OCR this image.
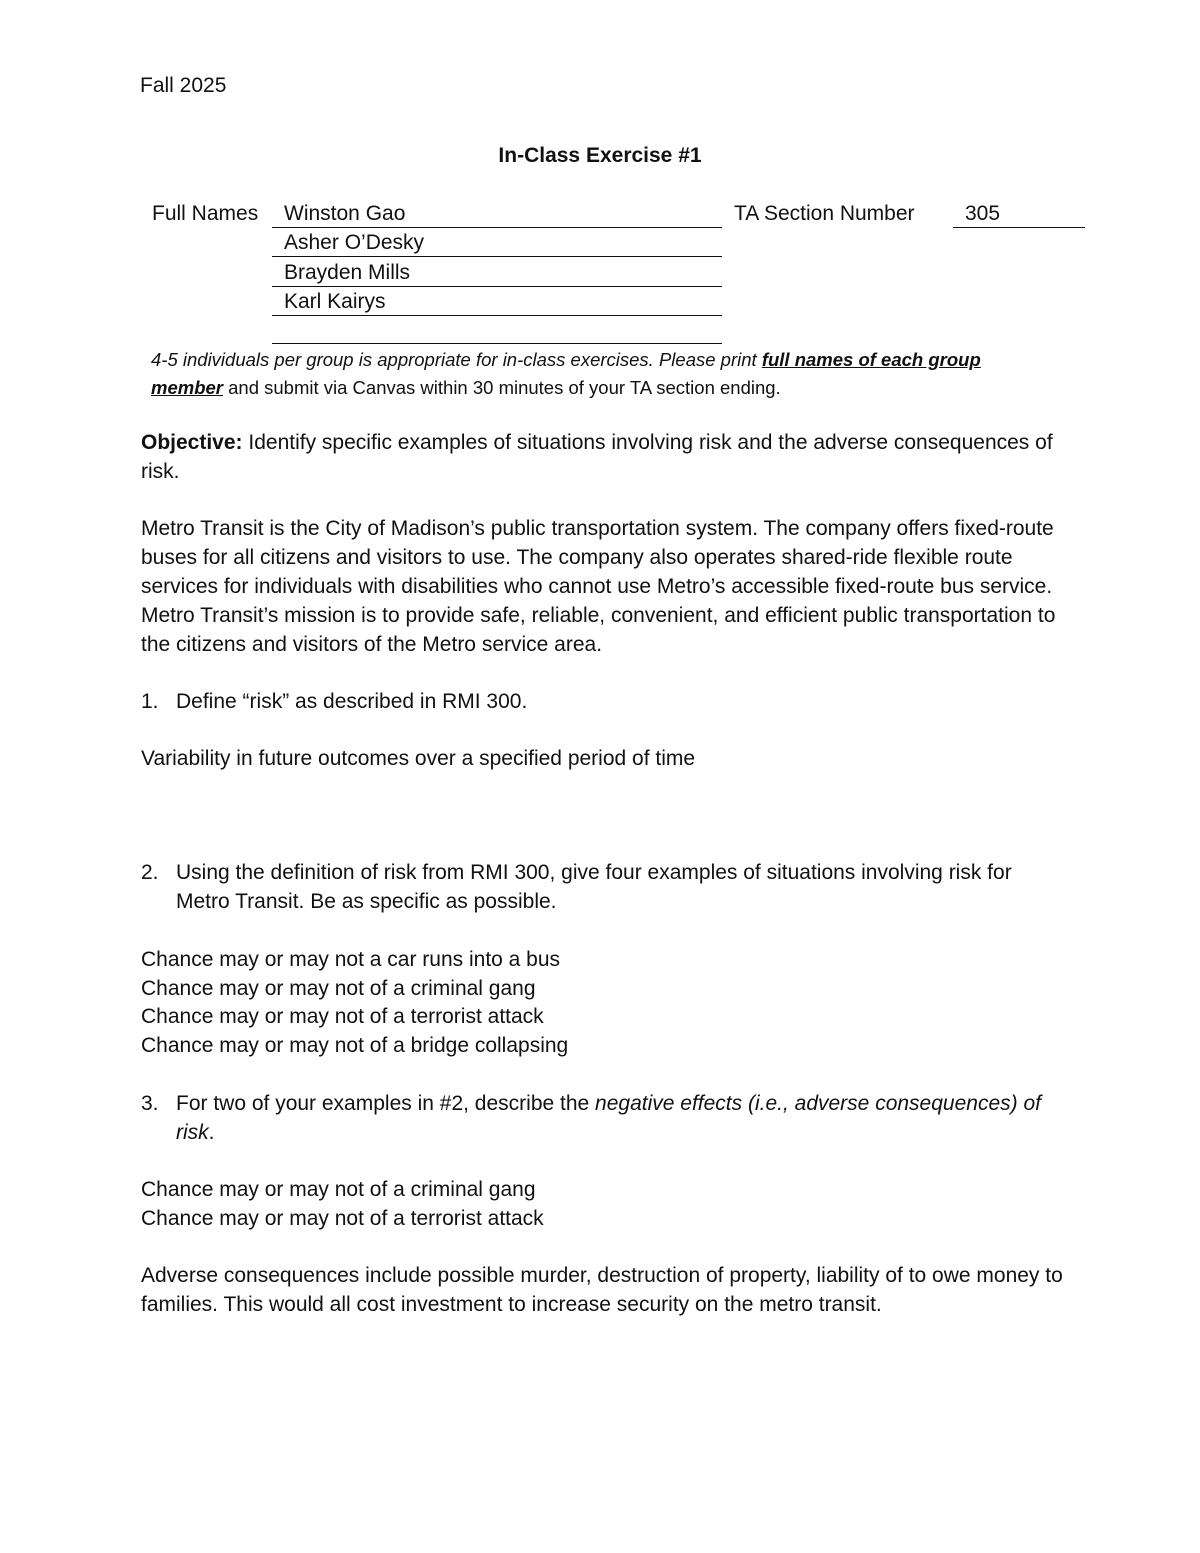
Fall 2025
In-Class Exercise #1
Full Names Winston Gao
Asher O’Desky
Brayden Mills
Karl Kairys
TA Section Number 305
4-5 individuals per group is appropriate for in-class exercises. Please print full names of each group member and submit via Canvas within 30 minutes of your TA section ending.
Objective: Identify specific examples of situations involving risk and the adverse consequences of risk.
Metro Transit is the City of Madison’s public transportation system. The company offers fixed-route buses for all citizens and visitors to use. The company also operates shared-ride flexible route services for individuals with disabilities who cannot use Metro’s accessible fixed-route bus service. Metro Transit’s mission is to provide safe, reliable, convenient, and efficient public transportation to the citizens and visitors of the Metro service area.
1. Define “risk” as described in RMI 300.
Variability in future outcomes over a specified period of time
2. Using the definition of risk from RMI 300, give four examples of situations involving risk for Metro Transit. Be as specific as possible.
Chance may or may not a car runs into a bus
Chance may or may not of a criminal gang
Chance may or may not of a terrorist attack
Chance may or may not of a bridge collapsing
3. For two of your examples in #2, describe the negative effects (i.e., adverse consequences) of risk.
Chance may or may not of a criminal gang
Chance may or may not of a terrorist attack
Adverse consequences include possible murder, destruction of property, liability of to owe money to families. This would all cost investment to increase security on the metro transit.
